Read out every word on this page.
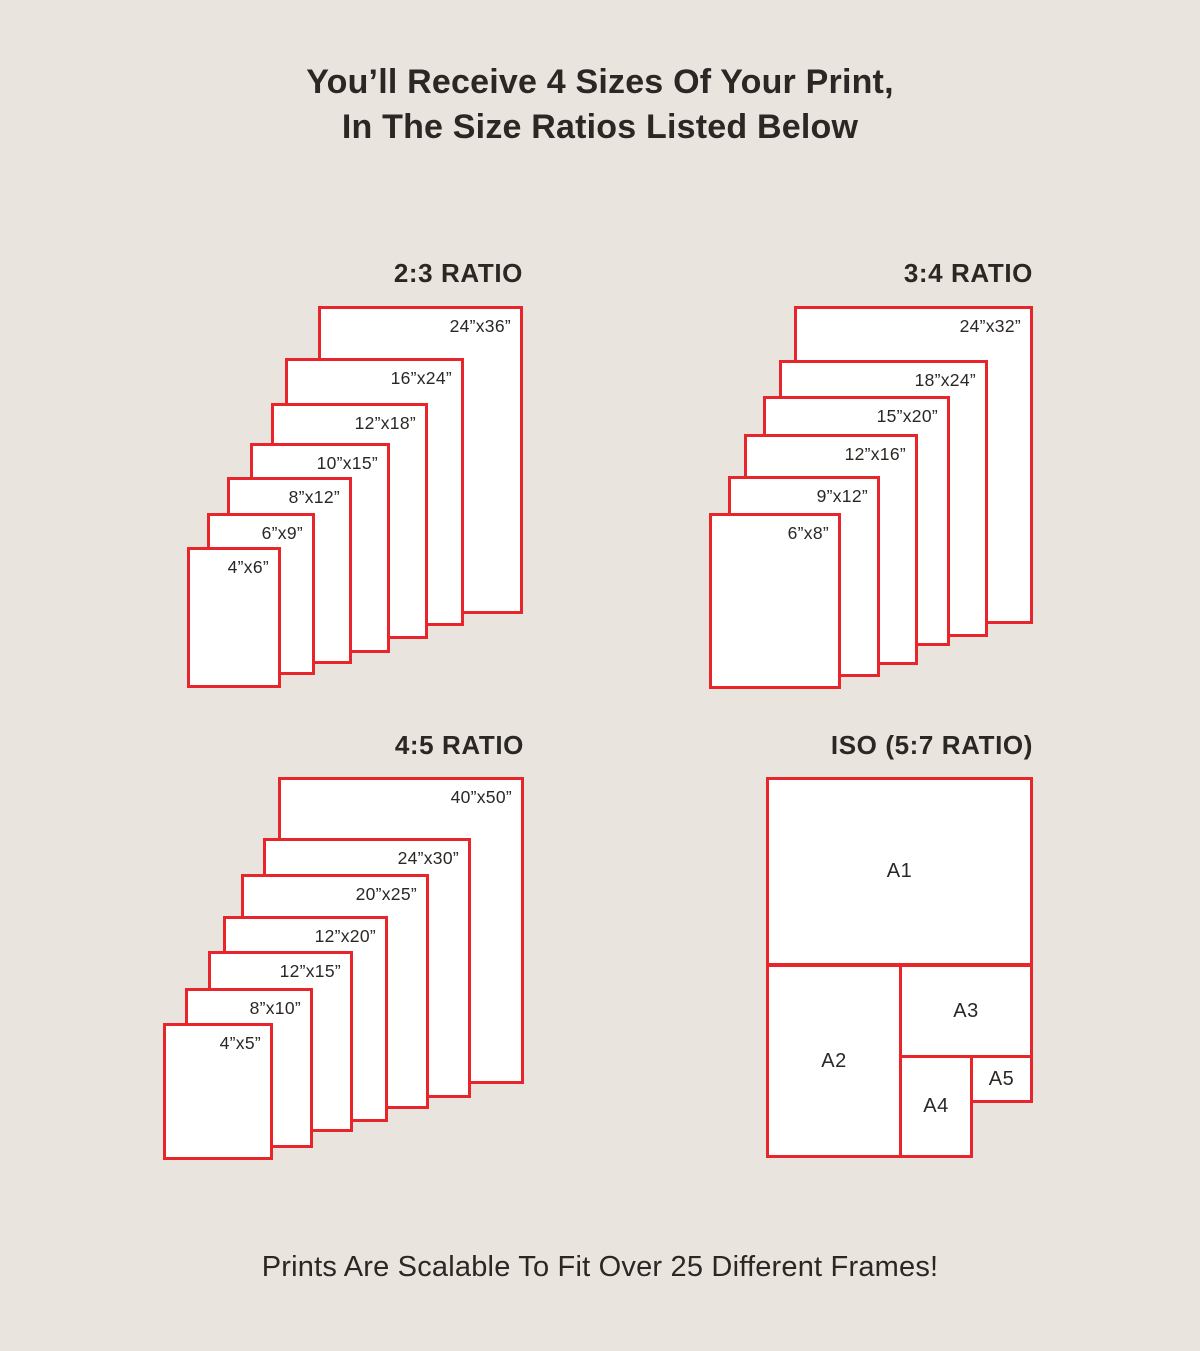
You’ll Receive 4 Sizes Of Your Print,
In The Size Ratios Listed Below
2:3 RATIO
24”x36”
16”x24”
12”x18”
10”x15”
8”x12”
6”x9”
4”x6”
3:4 RATIO
24”x32”
18”x24”
15”x20”
12”x16”
9”x12”
6”x8”
4:5 RATIO
40”x50”
24”x30”
20”x25”
12”x20”
12”x15”
8”x10”
4”x5”
ISO (5:7 RATIO)
A1
A2
A3
A4
A5
Prints Are Scalable To Fit Over 25 Different Frames!
